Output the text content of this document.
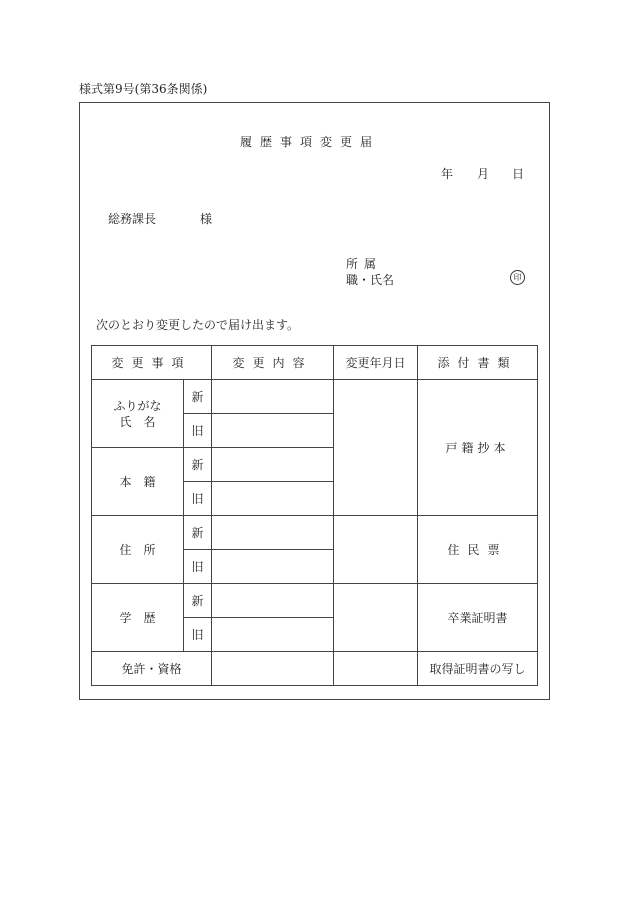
様式第9号(第36条関係)
履歴事項変更届
年 月 日
総務課長	様
所属
職・氏名	印
次のとおり変更したので届け出ます。
変更事項		変更内容	変更年月日	添付書類
ふりがな
氏　名	新			戸籍抄本
	旧			
本　籍	新			
	旧			
住　所	新			住民票
	旧			
学　歴	新			卒業証明書
	旧			
免許・資格				取得証明書の写し
